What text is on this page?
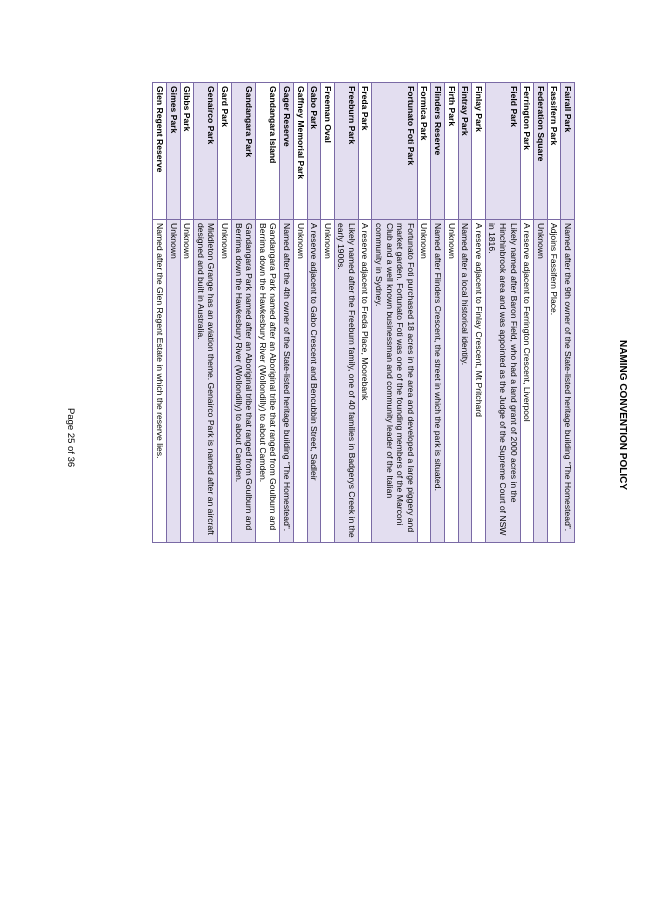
NAMING CONVENTION POLICY
Fairall Park	Named after the 9th owner of the State-listed heritage building “The Homestead”.
Fassifern Park	Adjoins Fassifern Place.
Federation Square	Unknown
Ferrington Park	A reserve adjacent to Ferrington Crescent, Liverpool
Field Park	Likely named after Baron Field, who had a land grant of 2000 acres in the Hinchinbrook area and was appointed as the Judge of the Supreme Court of NSW in 1816.
Finlay Park	A reserve adjacent to Finlay Crescent, Mt Pritchard
Fintray Park	Named after a local historical identity.
Firth Park	Unknown
Flinders Reserve	Named after Flinders Crescent, the street in which the park is situated.
Formica Park	Unknown
Fortunato Foti Park	Fortunato Foti purchased 18 acres in the area and developed a large piggery and market garden. Fortunato Foti was one of the founding members of the Marconi Club and a well known businessman and community leader of the Italian community in Sydney.
Freda Park	A reserve adjacent to Freda Place, Moorebank
Freeburn Park	Likely named after the Freeburn family, one of 40 families in Badgerys Creek in the early 1900s.
Freeman Oval	Unknown
Gabo Park	A reserve adjacent to Gabo Crescent and Bencubbin Street, Sadleir
Gaffney Memorial Park	Unknown
Gager Reserve	Named after the 4th owner of the State-listed heritage building “The Homestead”.
Gandangara Island	Gandangara Park named after an Aboriginal tribe that ranged from Goulburn and Berrima down the Hawkesbury River (Wollondilly) to about Camden.
Gandangara Park	Gandangara Park named after an Aboriginal tribe that ranged from Goulburn and Berrima down the Hawkesbury River (Wollondilly) to about Camden.
Gard Park	Unknown
Genairco Park	Middleton Grange has an aviation theme. Genairco Park is named after an aircraft designed and built in Australia.
Gibbs Park	Unknown
Gimes Park	Unknown
Glen Regent Reserve	Named after the Glen Regent Estate in which the reserve lies.
Page 25 of 36
